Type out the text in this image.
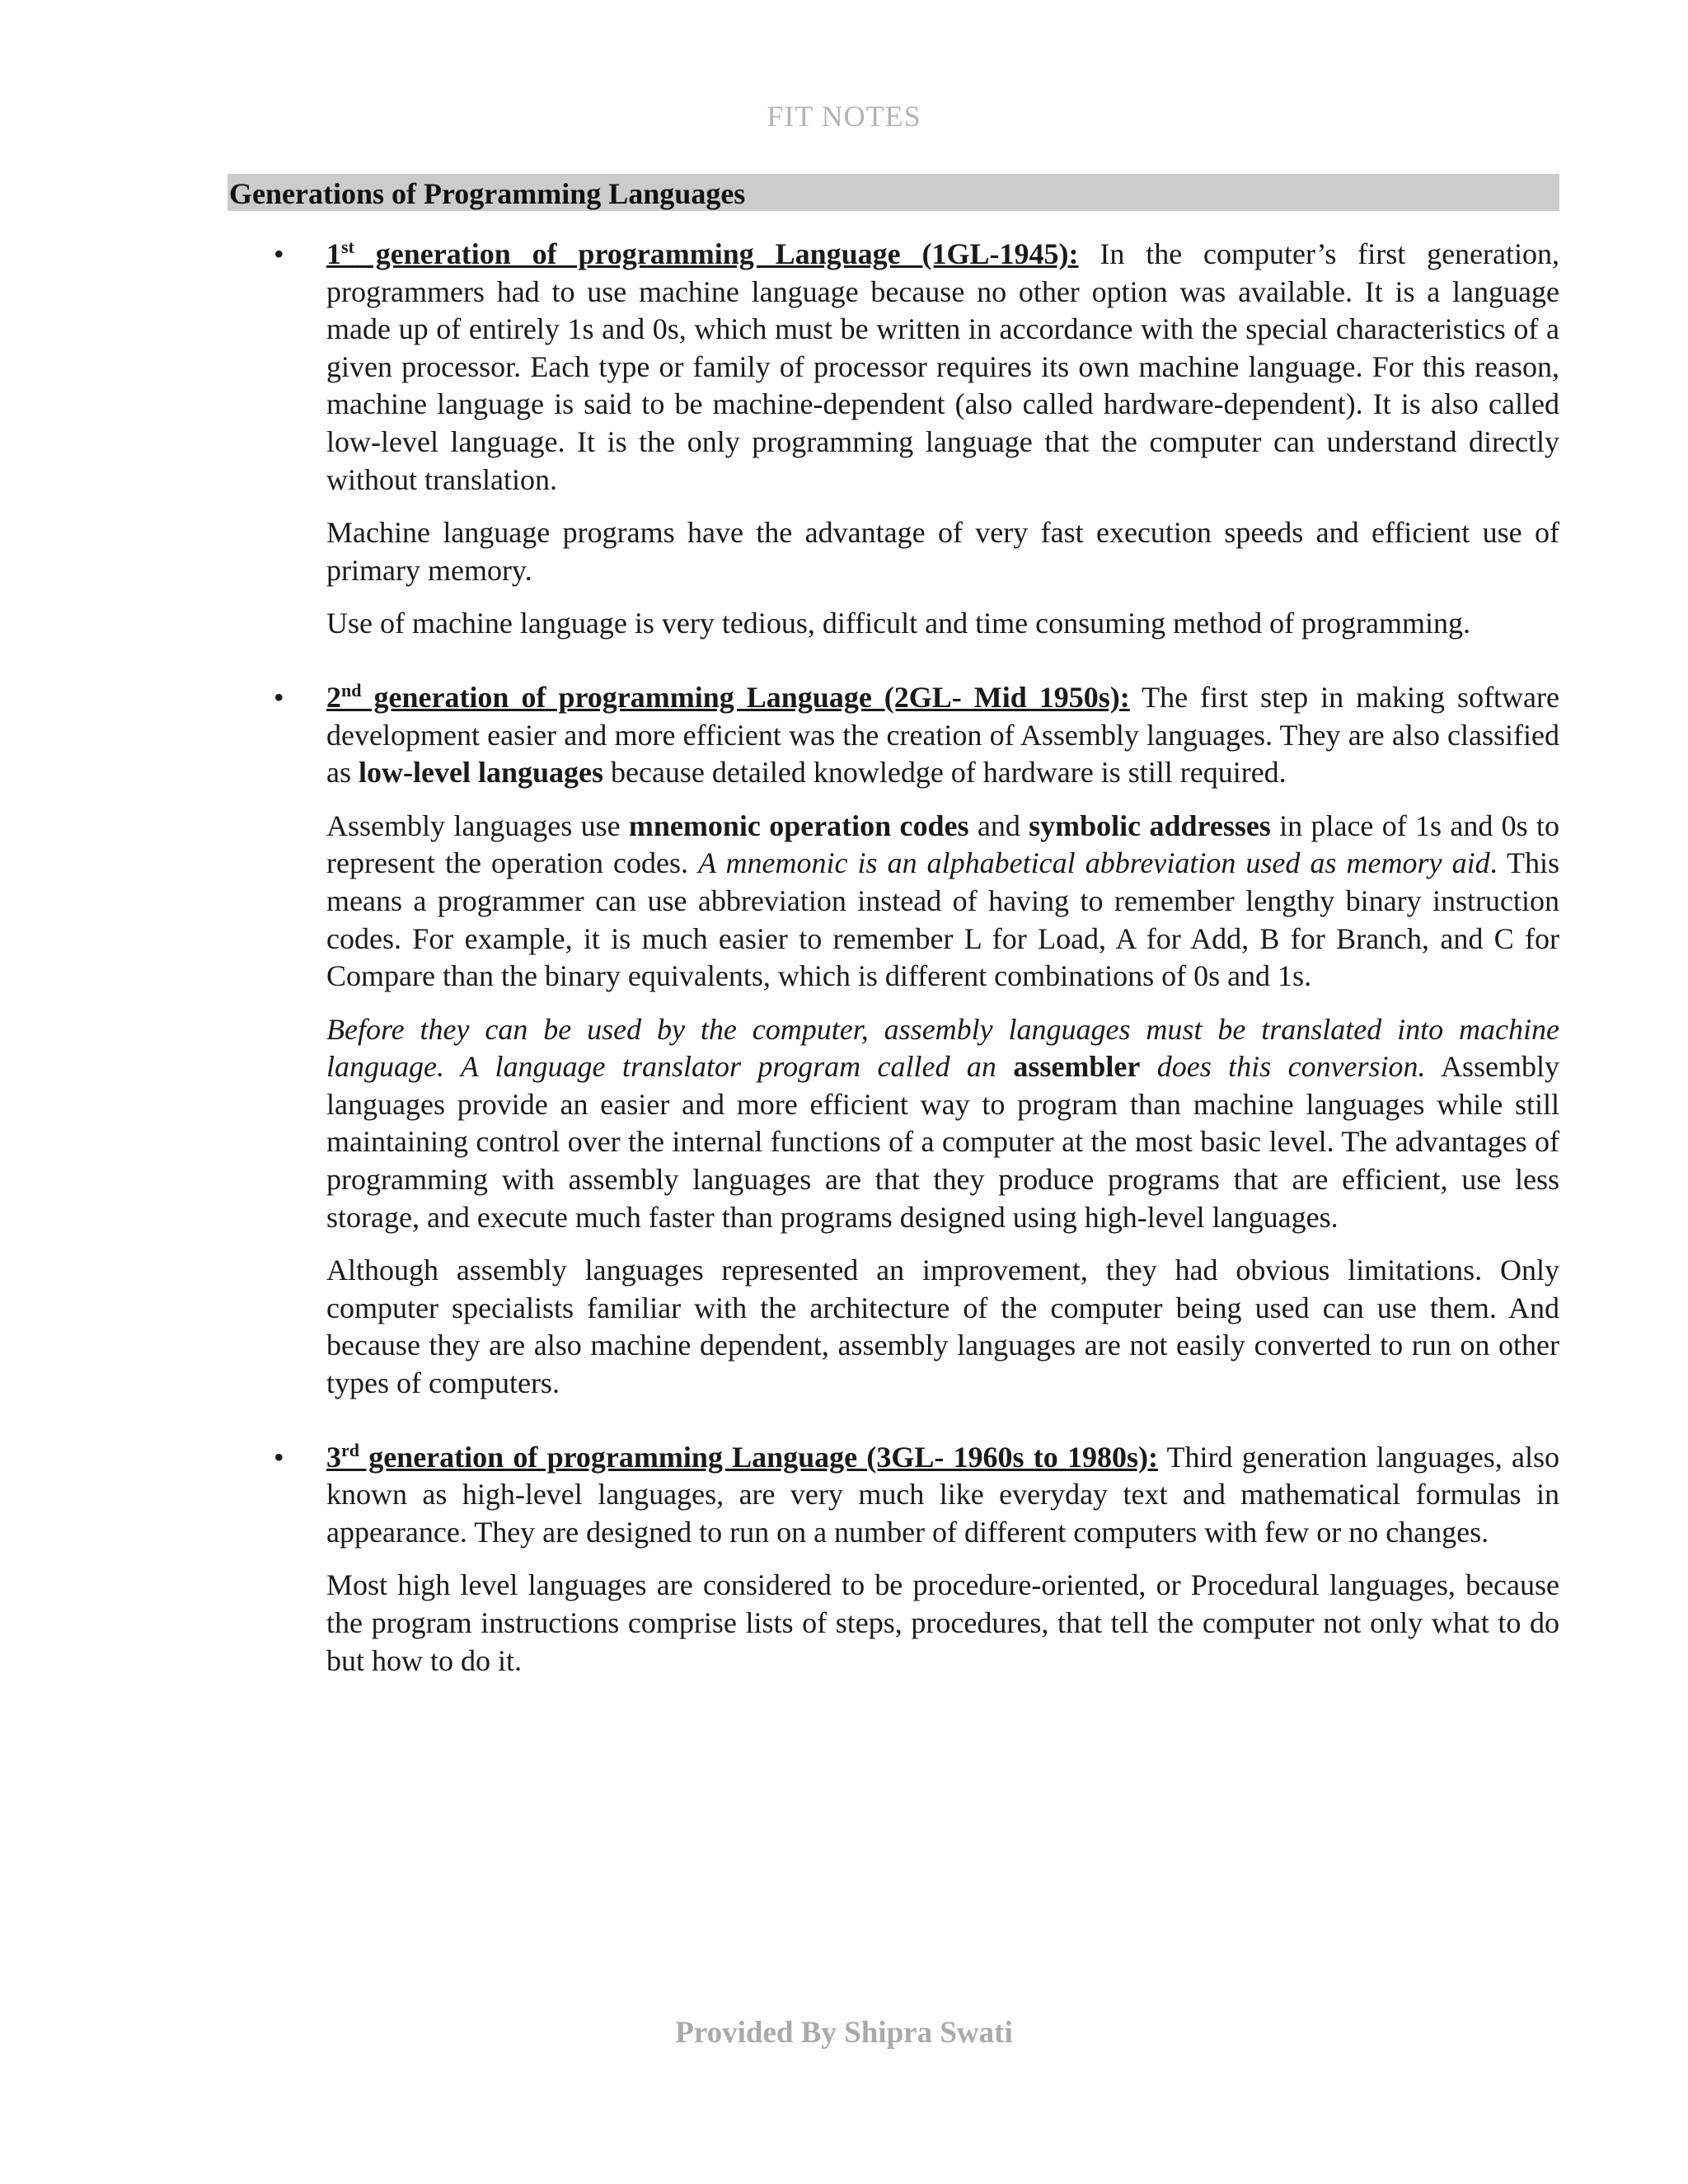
FIT NOTES
Generations of Programming Languages
• 1st generation of programming Language (1GL-1945): In the computer’s first generation, programmers had to use machine language because no other option was available. It is a language made up of entirely 1s and 0s, which must be written in accordance with the special characteristics of a given processor. Each type or family of processor requires its own machine language. For this reason, machine language is said to be machine-dependent (also called hardware-dependent). It is also called low-level language. It is the only programming language that the computer can understand directly without translation.

Machine language programs have the advantage of very fast execution speeds and efficient use of primary memory.

Use of machine language is very tedious, difficult and time consuming method of programming.

• 2nd generation of programming Language (2GL- Mid 1950s): The first step in making software development easier and more efficient was the creation of Assembly languages. They are also classified as low-level languages because detailed knowledge of hardware is still required.

Assembly languages use mnemonic operation codes and symbolic addresses in place of 1s and 0s to represent the operation codes. A mnemonic is an alphabetical abbreviation used as memory aid. This means a programmer can use abbreviation instead of having to remember lengthy binary instruction codes. For example, it is much easier to remember L for Load, A for Add, B for Branch, and C for Compare than the binary equivalents, which is different combinations of 0s and 1s.

Before they can be used by the computer, assembly languages must be translated into machine language. A language translator program called an assembler does this conversion. Assembly languages provide an easier and more efficient way to program than machine languages while still maintaining control over the internal functions of a computer at the most basic level. The advantages of programming with assembly languages are that they produce programs that are efficient, use less storage, and execute much faster than programs designed using high-level languages.

Although assembly languages represented an improvement, they had obvious limitations. Only computer specialists familiar with the architecture of the computer being used can use them. And because they are also machine dependent, assembly languages are not easily converted to run on other types of computers.

• 3rd generation of programming Language (3GL- 1960s to 1980s): Third generation languages, also known as high-level languages, are very much like everyday text and mathematical formulas in appearance. They are designed to run on a number of different computers with few or no changes.

Most high level languages are considered to be procedure-oriented, or Procedural languages, because the program instructions comprise lists of steps, procedures, that tell the computer not only what to do but how to do it.

Provided By Shipra Swati
